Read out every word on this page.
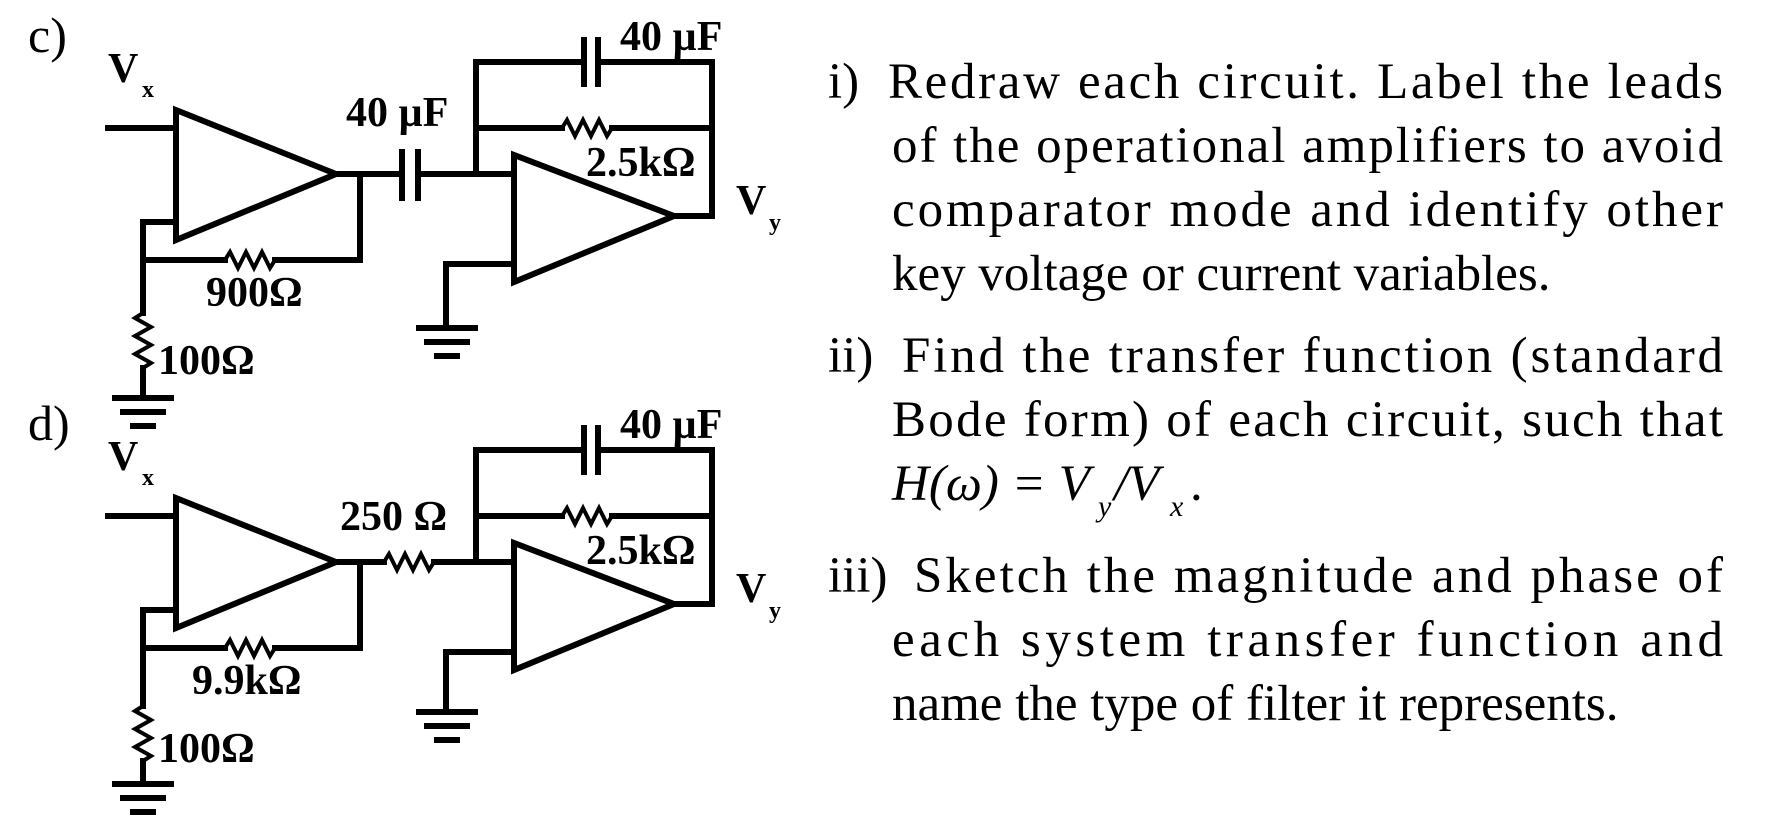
c)
V x
900Ω
100Ω
40 µF
40 µF
2.5kΩ
V y
d)
V x
9.9kΩ
100Ω
250 Ω
40 µF
2.5kΩ
V y
i) Redraw each circuit. Label the leads
of the operational amplifiers to avoid
comparator mode and identify other
key voltage or current variables.
ii) Find the transfer function (standard
Bode form) of each circuit, such that
H(ω) = V y /V x .
iii) Sketch the magnitude and phase of
each system transfer function and
name the type of filter it represents.
